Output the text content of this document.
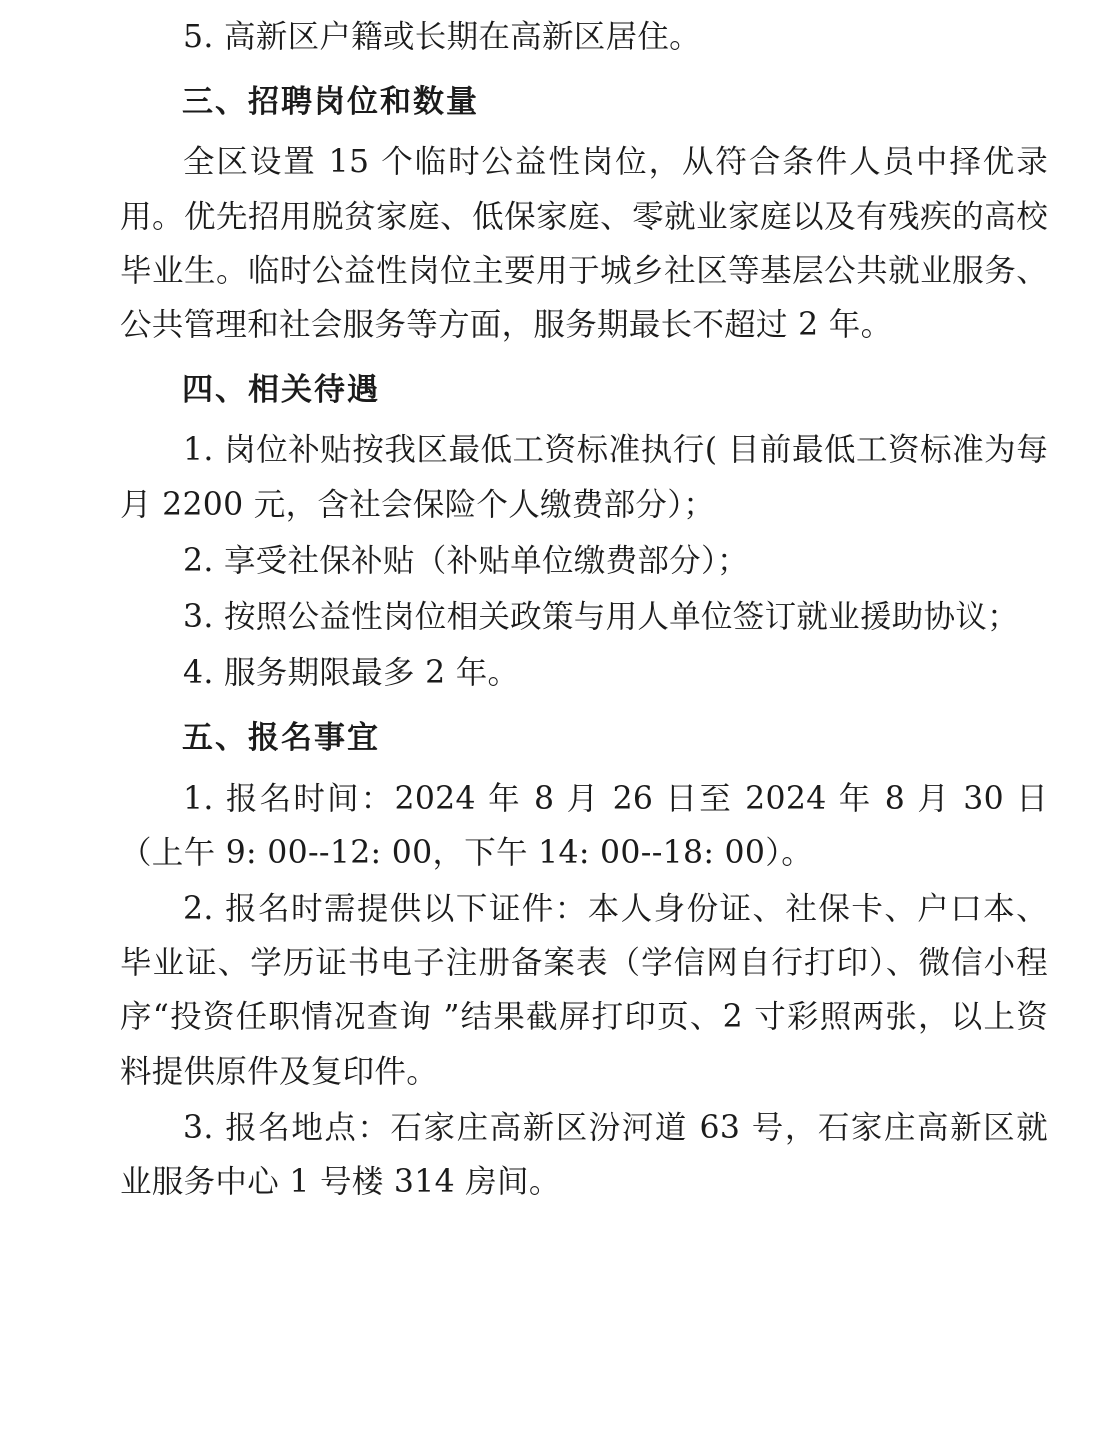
5. 高新区户籍或长期在高新区居住。

三、招聘岗位和数量

全区设置 15 个临时公益性岗位，从符合条件人员中择优录用。优先招用脱贫家庭、低保家庭、零就业家庭以及有残疾的高校毕业生。临时公益性岗位主要用于城乡社区等基层公共就业服务、公共管理和社会服务等方面，服务期最长不超过 2 年。

四、相关待遇

1. 岗位补贴按我区最低工资标准执行( 目前最低工资标准为每月 2200 元，含社会保险个人缴费部分）；

2. 享受社保补贴（补贴单位缴费部分）；

3. 按照公益性岗位相关政策与用人单位签订就业援助协议；

4. 服务期限最多 2 年。

五、报名事宜

1. 报名时间：2024 年 8 月 26 日至 2024 年 8 月 30 日（上午 9: 00--12: 00，下午 14: 00--18: 00）。

2. 报名时需提供以下证件：本人身份证、社保卡、户口本、毕业证、学历证书电子注册备案表（学信网自行打印）、微信小程序“投资任职情况查询 ”结果截屏打印页、2 寸彩照两张，以上资料提供原件及复印件。

3. 报名地点：石家庄高新区汾河道 63 号，石家庄高新区就业服务中心 1 号楼 314 房间。
